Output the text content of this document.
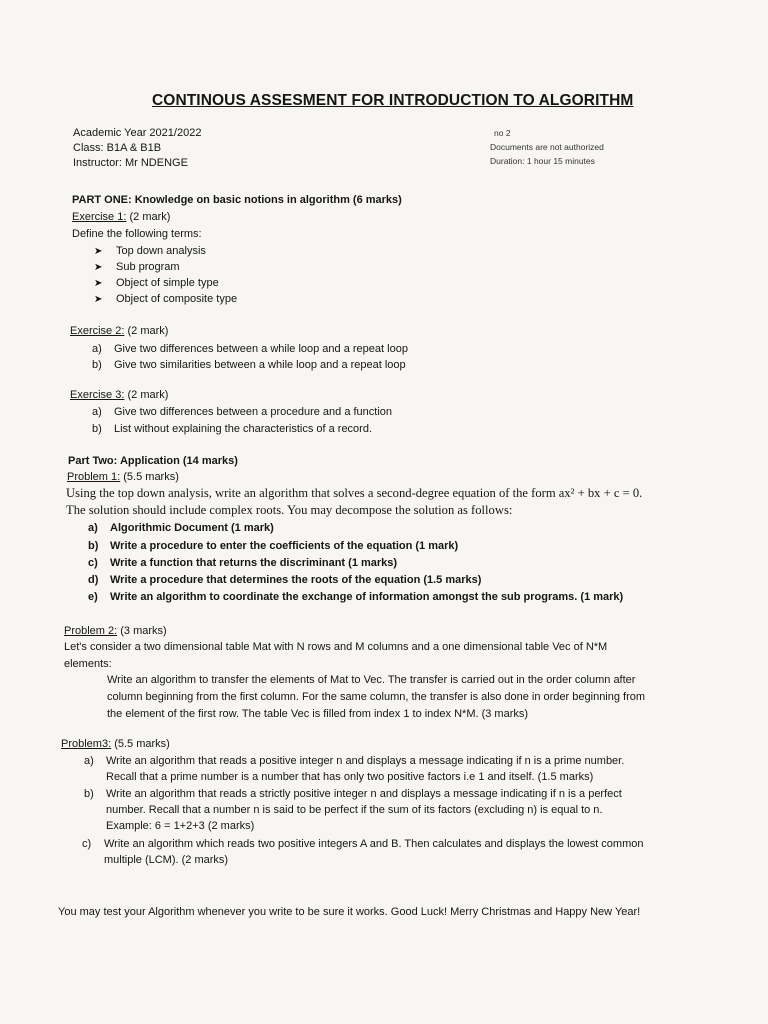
CONTINOUS ASSESMENT FOR INTRODUCTION TO ALGORITHM
Academic Year 2021/2022
Class: B1A & B1B
Instructor: Mr NDENGE
no 2
Documents are not authorized
Duration: 1 hour 15 minutes
PART ONE: Knowledge on basic notions in algorithm (6 marks)
Exercise 1: (2 mark)
Define the following terms:
➤ Top down analysis
➤ Sub program
➤ Object of simple type
➤ Object of composite type
Exercise 2: (2 mark)
a) Give two differences between a while loop and a repeat loop
b) Give two similarities between a while loop and a repeat loop
Exercise 3: (2 mark)
a) Give two differences between a procedure and a function
b) List without explaining the characteristics of a record.
Part Two: Application (14 marks)
Problem 1: (5.5 marks)
Using the top down analysis, write an algorithm that solves a second-degree equation of the form ax² + bx + c = 0.
The solution should include complex roots. You may decompose the solution as follows:
a) Algorithmic Document (1 mark)
b) Write a procedure to enter the coefficients of the equation (1 mark)
c) Write a function that returns the discriminant (1 marks)
d) Write a procedure that determines the roots of the equation (1.5 marks)
e) Write an algorithm to coordinate the exchange of information amongst the sub programs. (1 mark)
Problem 2: (3 marks)
Let's consider a two dimensional table Mat with N rows and M columns and a one dimensional table Vec of N*M
elements:
Write an algorithm to transfer the elements of Mat to Vec. The transfer is carried out in the order column after
column beginning from the first column. For the same column, the transfer is also done in order beginning from
the element of the first row. The table Vec is filled from index 1 to index N*M. (3 marks)
Problem3: (5.5 marks)
a) Write an algorithm that reads a positive integer n and displays a message indicating if n is a prime number.
Recall that a prime number is a number that has only two positive factors i.e 1 and itself. (1.5 marks)
b) Write an algorithm that reads a strictly positive integer n and displays a message indicating if n is a perfect
number. Recall that a number n is said to be perfect if the sum of its factors (excluding n) is equal to n.
Example: 6 = 1+2+3 (2 marks)
c) Write an algorithm which reads two positive integers A and B. Then calculates and displays the lowest common
multiple (LCM). (2 marks)
You may test your Algorithm whenever you write to be sure it works. Good Luck! Merry Christmas and Happy New Year!
